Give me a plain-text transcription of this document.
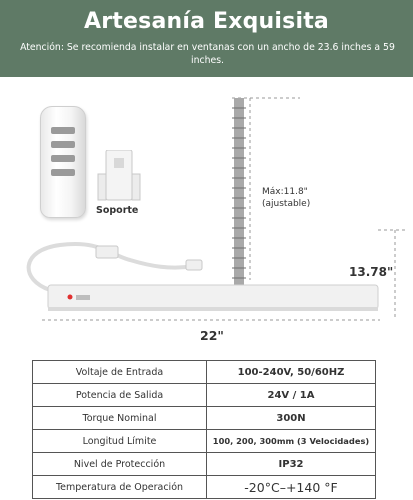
Artesanía Exquisita
Atención: Se recomienda instalar en ventanas con un ancho de 23.6 inches a 59 inches.
Soporte
Máx:11.8"
(ajustable)
13.78"
22"
Voltaje de Entrada	100-240V, 50/60HZ
Potencia de Salida	24V / 1A
Torque Nominal	300N
Longitud Límite	100, 200, 300mm (3 Velocidades)
Nivel de Protección	IP32
Temperatura de Operación	-20°C–+140 °F
